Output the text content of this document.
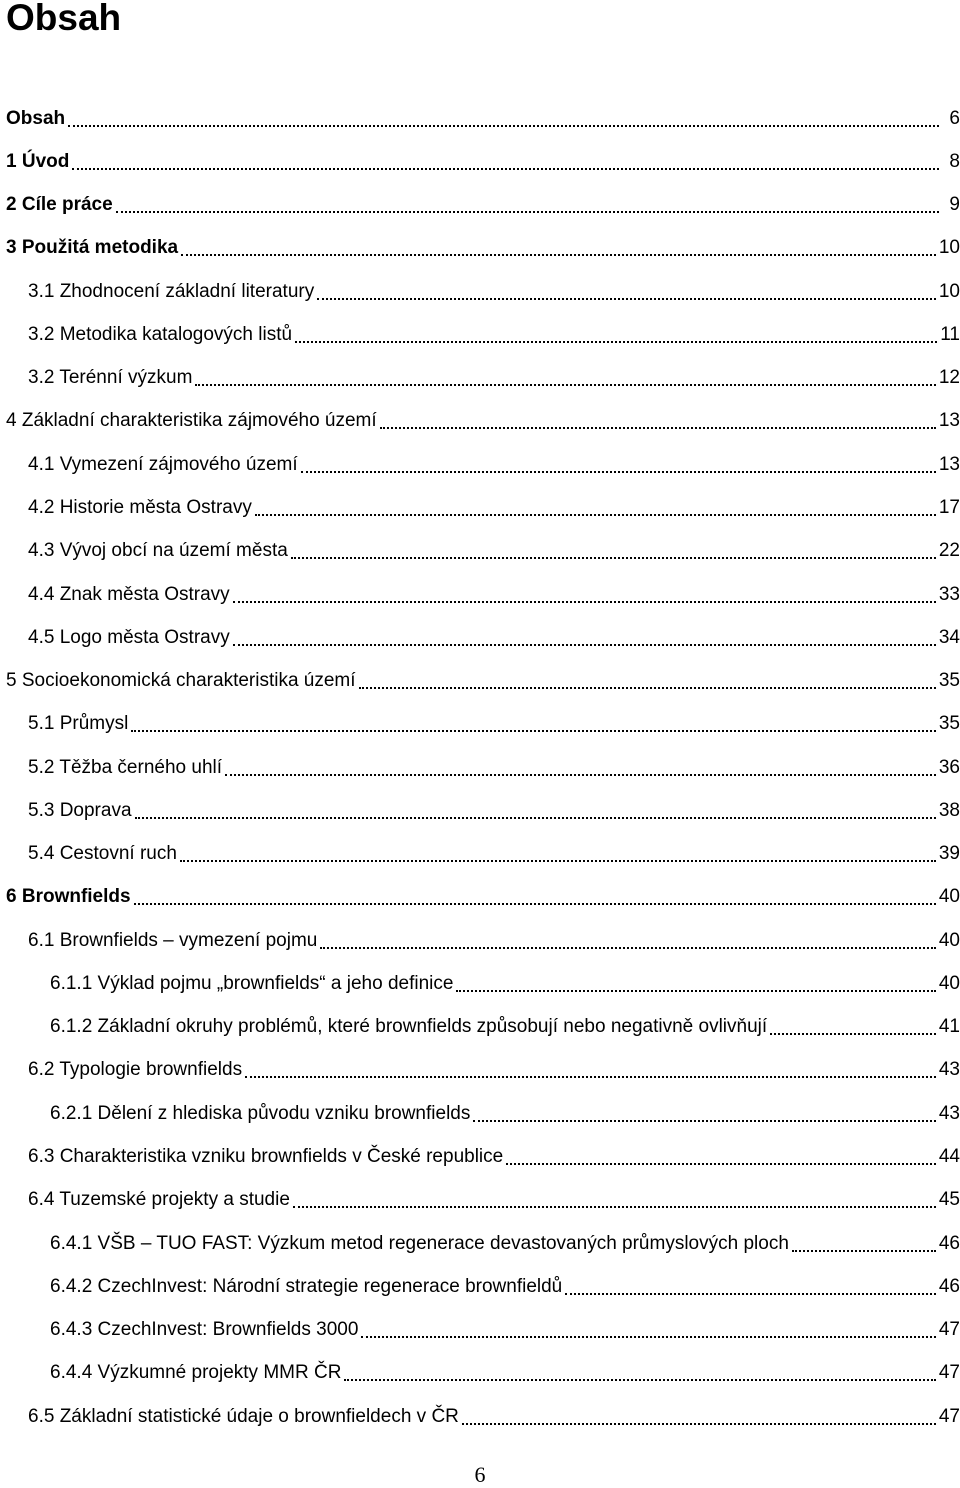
Obsah
Obsah	6
1 Úvod	8
2 Cíle práce	9
3 Použitá metodika	10
3.1 Zhodnocení základní literatury	10
3.2 Metodika katalogových listů	11
3.2 Terénní výzkum	12
4 Základní charakteristika zájmového území	13
4.1 Vymezení zájmového území	13
4.2 Historie města Ostravy	17
4.3 Vývoj obcí na území města	22
4.4 Znak města Ostravy	33
4.5 Logo města Ostravy	34
5 Socioekonomická charakteristika území	35
5.1 Průmysl	35
5.2 Těžba černého uhlí	36
5.3 Doprava	38
5.4 Cestovní ruch	39
6 Brownfields	40
6.1 Brownfields – vymezení pojmu	40
6.1.1 Výklad pojmu „brownfields“ a jeho definice	40
6.1.2 Základní okruhy problémů, které brownfields způsobují nebo negativně ovlivňují	41
6.2 Typologie brownfields	43
6.2.1 Dělení z hlediska původu vzniku brownfields	43
6.3 Charakteristika vzniku brownfields v České republice	44
6.4 Tuzemské projekty a studie	45
6.4.1 VŠB – TUO FAST: Výzkum metod regenerace devastovaných průmyslových ploch	46
6.4.2 CzechInvest: Národní strategie regenerace brownfieldů	46
6.4.3 CzechInvest: Brownfields 3000	47
6.4.4 Výzkumné projekty MMR ČR	47
6.5 Základní statistické údaje o brownfieldech v ČR	47
6
